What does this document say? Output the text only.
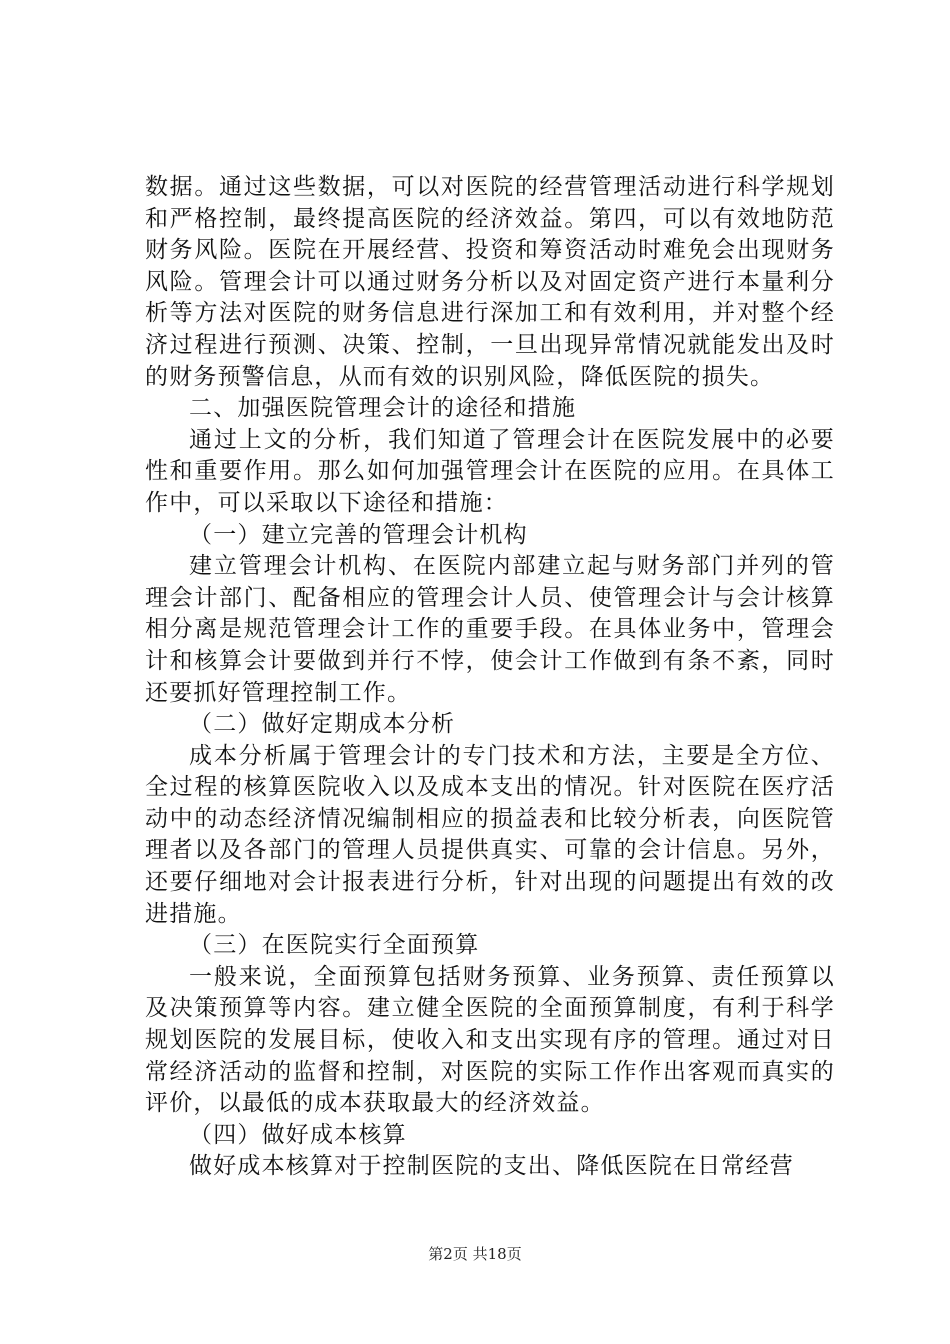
数据。通过这些数据，可以对医院的经营管理活动进行科学规划和严格控制，最终提高医院的经济效益。第四，可以有效地防范财务风险。医院在开展经营、投资和筹资活动时难免会出现财务风险。管理会计可以通过财务分析以及对固定资产进行本量利分析等方法对医院的财务信息进行深加工和有效利用，并对整个经济过程进行预测、决策、控制，一旦出现异常情况就能发出及时的财务预警信息，从而有效的识别风险，降低医院的损失。

二、加强医院管理会计的途径和措施

通过上文的分析，我们知道了管理会计在医院发展中的必要性和重要作用。那么如何加强管理会计在医院的应用。在具体工作中，可以采取以下途径和措施：

（一）建立完善的管理会计机构

建立管理会计机构、在医院内部建立起与财务部门并列的管理会计部门、配备相应的管理会计人员、使管理会计与会计核算相分离是规范管理会计工作的重要手段。在具体业务中，管理会计和核算会计要做到并行不悖，使会计工作做到有条不紊，同时还要抓好管理控制工作。

（二）做好定期成本分析

成本分析属于管理会计的专门技术和方法，主要是全方位、全过程的核算医院收入以及成本支出的情况。针对医院在医疗活动中的动态经济情况编制相应的损益表和比较分析表，向医院管理者以及各部门的管理人员提供真实、可靠的会计信息。另外，还要仔细地对会计报表进行分析，针对出现的问题提出有效的改进措施。

（三）在医院实行全面预算

一般来说，全面预算包括财务预算、业务预算、责任预算以及决策预算等内容。建立健全医院的全面预算制度，有利于科学规划医院的发展目标，使收入和支出实现有序的管理。通过对日常经济活动的监督和控制，对医院的实际工作作出客观而真实的评价，以最低的成本获取最大的经济效益。

（四）做好成本核算

做好成本核算对于控制医院的支出、降低医院在日常经营

第2页 共18页
